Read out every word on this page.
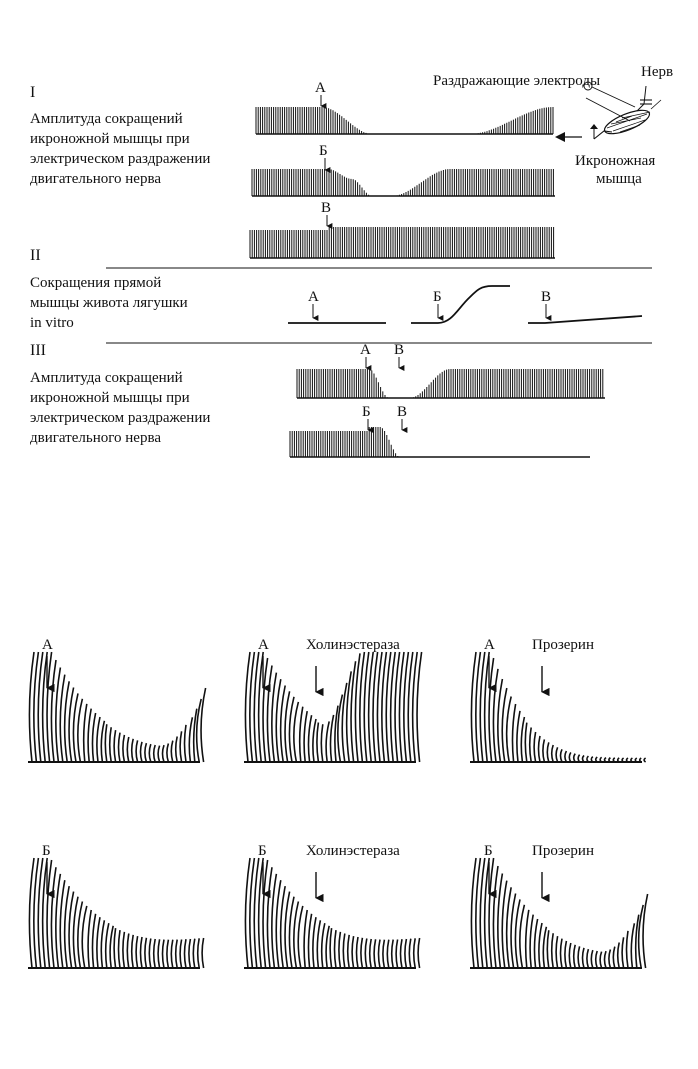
I
Амплитуда сокращений
икроножной мышцы при
электрическом раздражении
двигательного нерва
А
Б
В
Нерв
Раздражающие электроды
Икроножная
мышца
II
Сокращения прямой
мышцы живота лягушки
in vitro
А	Б	В
III
Амплитуда сокращений
икроножной мышцы при
электрическом раздражении
двигательного нерва
А В
Б В
А	А Холинэстераза	А Прозерин
Б	Б	Холинэстераза	Б	Прозерин
